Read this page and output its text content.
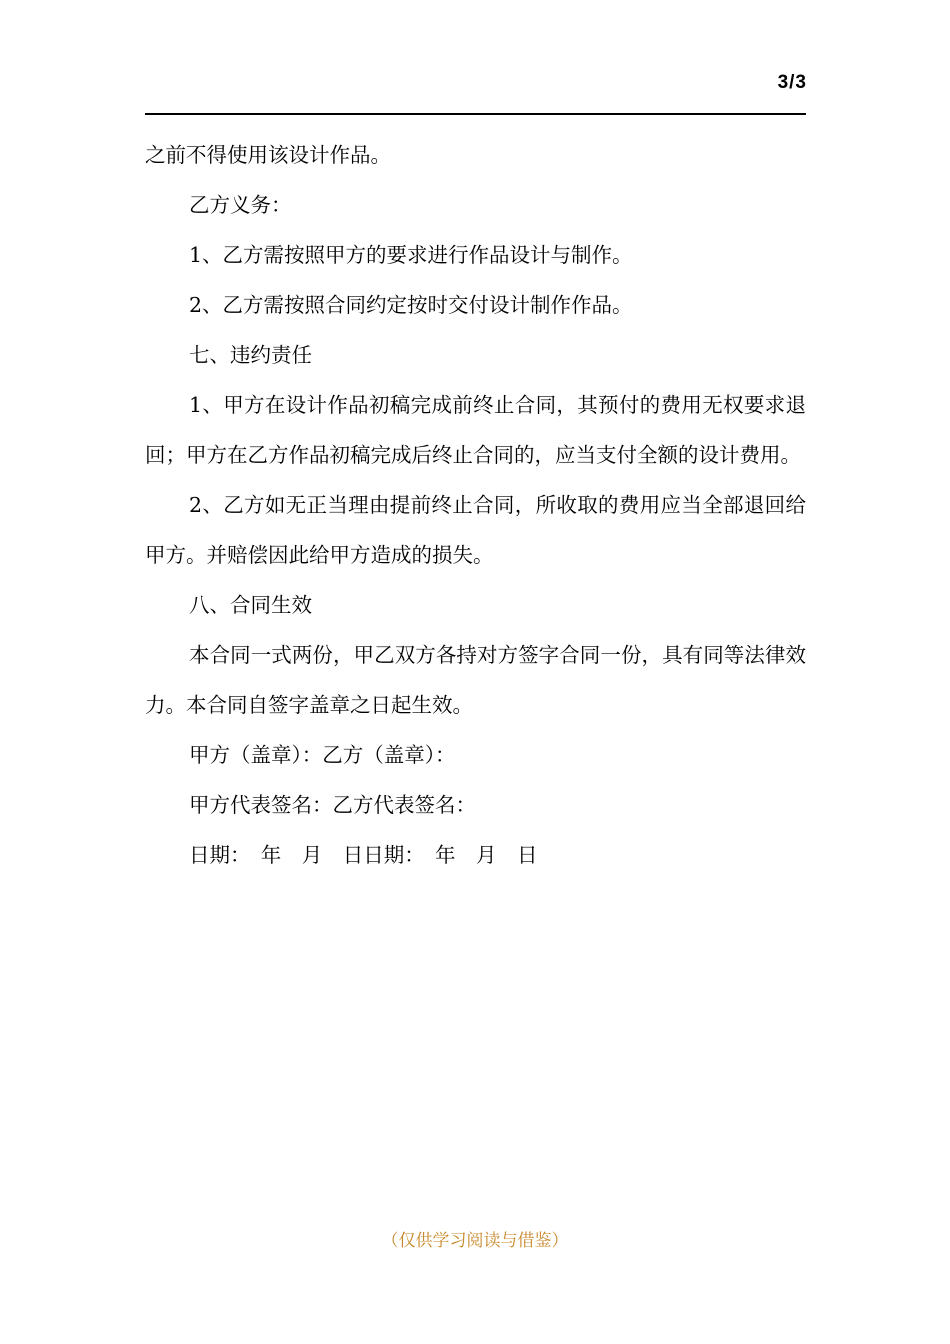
3/3

之前不得使用该设计作品。

乙方义务：

1、乙方需按照甲方的要求进行作品设计与制作。

2、乙方需按照合同约定按时交付设计制作作品。

七、违约责任

1、甲方在设计作品初稿完成前终止合同，其预付的费用无权要求退回；甲方在乙方作品初稿完成后终止合同的，应当支付全额的设计费用。

2、乙方如无正当理由提前终止合同，所收取的费用应当全部退回给甲方。并赔偿因此给甲方造成的损失。

八、合同生效

本合同一式两份，甲乙双方各持对方签字合同一份，具有同等法律效力。本合同自签字盖章之日起生效。

甲方（盖章）：乙方（盖章）：

甲方代表签名：乙方代表签名：

日期：　年　月　日日期：　年　月　日

（仅供学习阅读与借鉴）
